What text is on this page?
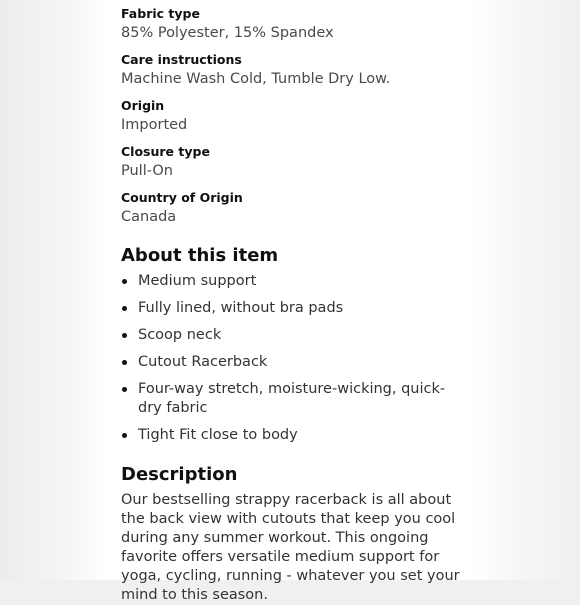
Fabric type
85% Polyester, 15% Spandex
Care instructions
Machine Wash Cold, Tumble Dry Low.
Origin
Imported
Closure type
Pull-On
Country of Origin
Canada
About this item
Medium support
Fully lined, without bra pads
Scoop neck
Cutout Racerback
Four-way stretch, moisture-wicking, quick-dry fabric
Tight Fit close to body
Description
Our bestselling strappy racerback is all about the back view with cutouts that keep you cool during any summer workout. This ongoing favorite offers versatile medium support for yoga, cycling, running - whatever you set your mind to this season.
